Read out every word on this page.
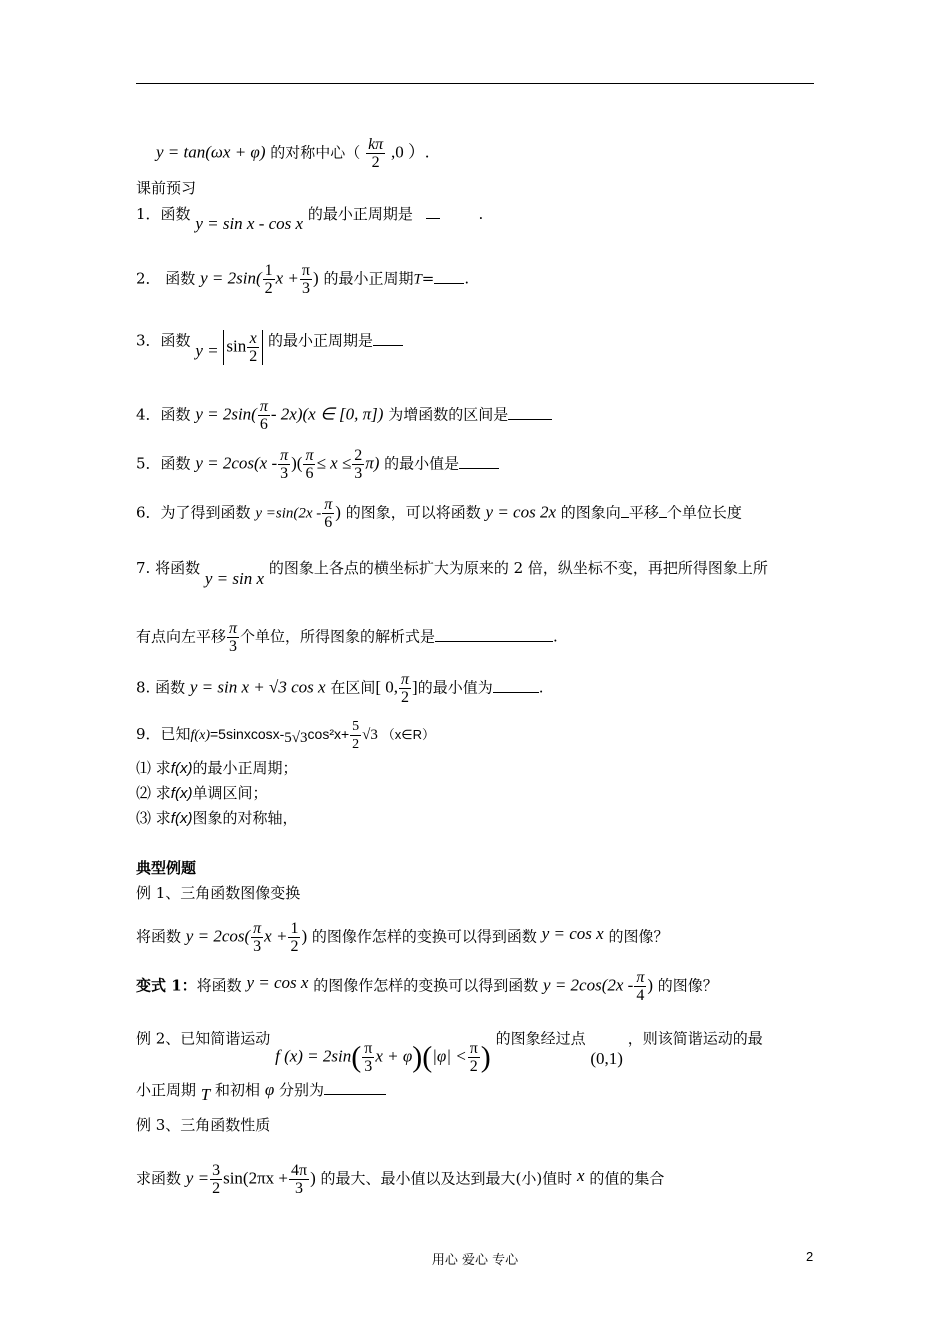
y = tan(ωx + φ) 的对称中心（ $\frac{k\pi}{2} ,0$ ）.
课前预习
1．函数 y = sin x - cos x 的最小正周期是	.
2． 函数 $y = 2\sin( \frac{1}{2}$ $x + \frac{\pi}{3}$ ) 的最小正周期T= .
3．函数 $y = \sin \frac{x}{2}$ 的最小正周期是
4．函数 $y = 2\sin( \frac{\pi}{6} - 2x)(x$ ∈ [0, π]) 为增函数的区间是
5．函数 $y = 2\cos(x - \frac{\pi}{3}$ )( $\frac{\pi}{6} \le x \le \frac{2}{3} \pi$) 的最小值是
6．为了得到函数 $y =\sin(2x - \frac{\pi}{6}$ ) 的图象，可以将函数 y = cos 2x 的图象向 平移 个单位长度
7. 将函数 y = sin x 的图象上各点的横坐标扩大为原来的 2 倍，纵坐标不变，再把所得图象上所
有点向左平移 $\frac{\pi}{3}$ 个单位，所得图象的解析式是	.
8. 函数 y = sin x + √3 cos x 在区间[ 0, $\frac{\pi}{2}$ ]的最小值为	.
9．已知f(x)=5sinxcosx-5√3cos²x+ $\frac{5}{2} √3$ （x∈R）
⑴ 求f(x)的最小正周期；
⑵ 求f(x)单调区间；
⑶ 求f(x)图象的对称轴，
典型例题
例 1、三角函数图像变换
将函数 $y = 2\cos( \frac{\pi}{3}$ $x + \frac{1}{2}$ ) 的图像作怎样的变换可以得到函数 y = cos x 的图像？
变式 1：将函数 y = cos x 的图像作怎样的变换可以得到函数 $y = 2\cos(2x - \frac{\pi}{4}$ ) 的图像？
例 2、已知简谐运动 f $(x) = 2\sin( \frac{\pi}{3}$ $x + \varphi)(|\varphi| < \frac{\pi}{2}$ ) 的图象经过点 (0,1) ，则该简谐运动的最
小正周期 T 和初相 φ 分别为
例 3、三角函数性质
求函数 $y = \frac{3}{2} \sin(2\pi x + \frac{4\pi}{3}$ ) 的最大、最小值以及达到最大(小)值时 x 的值的集合
用心 爱心 专心	2
